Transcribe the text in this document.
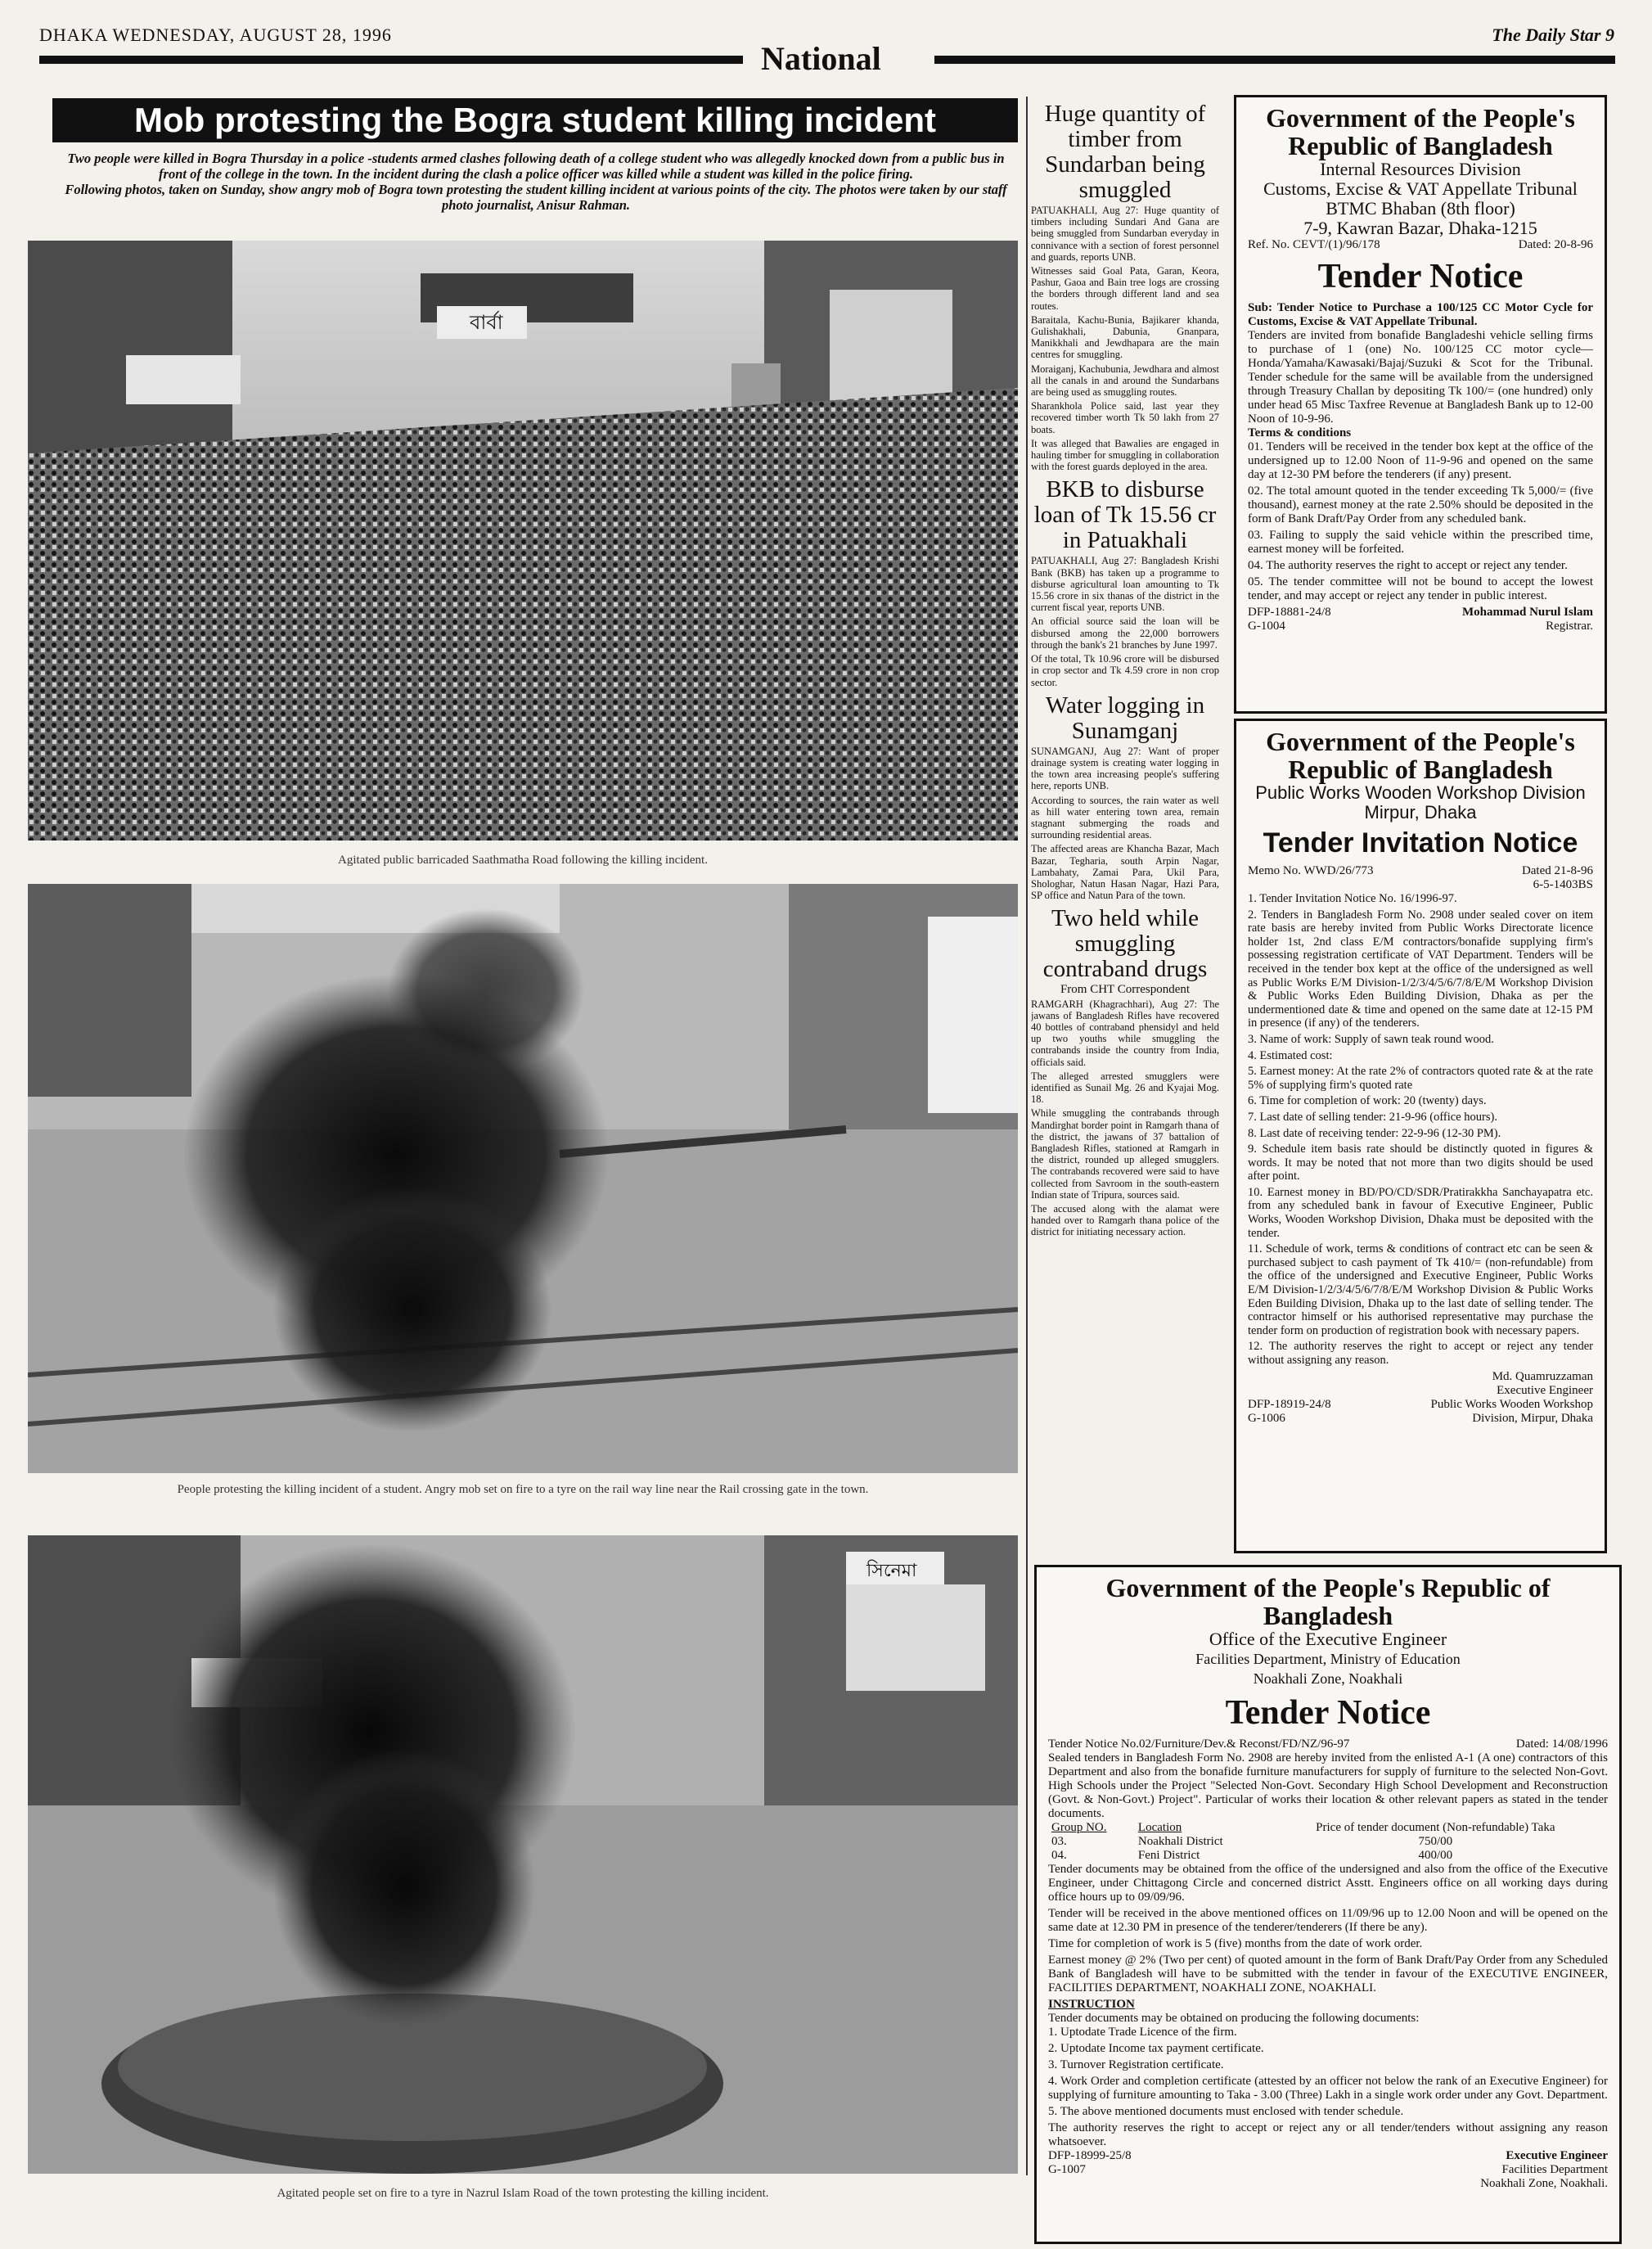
DHAKA WEDNESDAY, AUGUST 28, 1996
National
The Daily Star 9
Mob protesting the Bogra student killing incident
Two people were killed in Bogra Thursday in a police -students armed clashes following death of a college student who was allegedly knocked down from a public bus in front of the college in the town. In the incident during the clash a police officer was killed while a student was killed in the police firing.
Following photos, taken on Sunday, show angry mob of Bogra town protesting the student killing incident at various points of the city. The photos were taken by our staff photo journalist, Anisur Rahman.
বার্বা
Agitated public barricaded Saathmatha Road following the killing incident.
People protesting the killing incident of a student. Angry mob set on fire to a tyre on the rail way line near the Rail crossing gate in the town.
সিনেমা
Agitated people set on fire to a tyre in Nazrul Islam Road of the town protesting the killing incident.
Huge quantity of timber from Sundarban being smuggled

PATUAKHALI, Aug 27: Huge quantity of timbers including Sundari And Gana are being smuggled from Sundarban everyday in connivance with a section of forest personnel and guards, reports UNB.

Witnesses said Goal Pata, Garan, Keora, Pashur, Gaoa and Bain tree logs are crossing the borders through different land and sea routes.

Baraitala, Kachu-Bunia, Bajikarer khanda, Gulishakhali, Dabunia, Gnanpara, Manikkhali and Jewdhapara are the main centres for smuggling.

Moraiganj, Kachubunia, Jewdhara and almost all the canals in and around the Sundarbans are being used as smuggling routes.

Sharankhola Police said, last year they recovered timber worth Tk 50 lakh from 27 boats.

It was alleged that Bawalies are engaged in hauling timber for smuggling in collaboration with the forest guards deployed in the area.

BKB to disburse loan of Tk 15.56 cr in Patuakhali

PATUAKHALI, Aug 27: Bangladesh Krishi Bank (BKB) has taken up a programme to disburse agricultural loan amounting to Tk 15.56 crore in six thanas of the district in the current fiscal year, reports UNB.

An official source said the loan will be disbursed among the 22,000 borrowers through the bank's 21 branches by June 1997.

Of the total, Tk 10.96 crore will be disbursed in crop sector and Tk 4.59 crore in non crop sector.

Water logging in Sunamganj

SUNAMGANJ, Aug 27: Want of proper drainage system is creating water logging in the town area increasing people's suffering here, reports UNB.

According to sources, the rain water as well as hill water entering town area, remain stagnant submerging the roads and surrounding residential areas.

The affected areas are Khancha Bazar, Mach Bazar, Tegharia, south Arpin Nagar, Lambahaty, Zamai Para, Ukil Para, Shologhar, Natun Hasan Nagar, Hazi Para, SP office and Natun Para of the town.

Two held while smuggling contraband drugs

From CHT Correspondent

RAMGARH (Khagrachhari), Aug 27: The jawans of Bangladesh Rifles have recovered 40 bottles of contraband phensidyl and held up two youths while smuggling the contrabands inside the country from India, officials said.

The alleged arrested smugglers were identified as Sunail Mg. 26 and Kyajai Mog. 18.

While smuggling the contrabands through Mandirghat border point in Ramgarh thana of the district, the jawans of 37 battalion of Bangladesh Rifles, stationed at Ramgarh in the district, rounded up alleged smugglers. The contrabands recovered were said to have collected from Savroom in the south-eastern Indian state of Tripura, sources said.

The accused along with the alamat were handed over to Ramgarh thana police of the district for initiating necessary action.

Government of the People's Republic of Bangladesh
Internal Resources Division
Customs, Excise & VAT Appellate Tribunal
BTMC Bhaban (8th floor)
7-9, Kawran Bazar, Dhaka-1215
Ref. No. CEVT/(1)/96/178	Dated: 20-8-96
Tender Notice
Sub: Tender Notice to Purchase a 100/125 CC Motor Cycle for Customs, Excise & VAT Appellate Tribunal.
Tenders are invited from bonafide Bangladeshi vehicle selling firms to purchase of 1 (one) No. 100/125 CC motor cycle—Honda/Yamaha/Kawasaki/Bajaj/Suzuki & Scot for the Tribunal. Tender schedule for the same will be available from the undersigned through Treasury Challan by depositing Tk 100/= (one hundred) only under head 65 Misc Taxfree Revenue at Bangladesh Bank up to 12-00 Noon of 10-9-96.
Terms & conditions

01. Tenders will be received in the tender box kept at the office of the undersigned up to 12.00 Noon of 11-9-96 and opened on the same day at 12-30 PM before the tenderers (if any) present.

02. The total amount quoted in the tender exceeding Tk 5,000/= (five thousand), earnest money at the rate 2.50% should be deposited in the form of Bank Draft/Pay Order from any scheduled bank.

03. Failing to supply the said vehicle within the prescribed time, earnest money will be forfeited.

04. The authority reserves the right to accept or reject any tender.

05. The tender committee will not be bound to accept the lowest tender, and may accept or reject any tender in public interest.

DFP-18881-24/8	Mohammad Nurul Islam
G-1004	Registrar.
Government of the People's Republic of Bangladesh
Public Works Wooden Workshop Division
Mirpur, Dhaka
Tender Invitation Notice
Memo No. WWD/26/773	Dated 21-8-96
6-5-1403BS

1. Tender Invitation Notice No. 16/1996-97.

2. Tenders in Bangladesh Form No. 2908 under sealed cover on item rate basis are hereby invited from Public Works Directorate licence holder 1st, 2nd class E/M contractors/bonafide supplying firm's possessing registration certificate of VAT Department. Tenders will be received in the tender box kept at the office of the undersigned as well as Public Works E/M Division-1/2/3/4/5/6/7/8/E/M Workshop Division & Public Works Eden Building Division, Dhaka as per the undermentioned date & time and opened on the same date at 12-15 PM in presence (if any) of the tenderers.

3. Name of work: Supply of sawn teak round wood.

4. Estimated cost:

5. Earnest money: At the rate 2% of contractors quoted rate & at the rate 5% of supplying firm's quoted rate

6. Time for completion of work: 20 (twenty) days.

7. Last date of selling tender: 21-9-96 (office hours).

8. Last date of receiving tender: 22-9-96 (12-30 PM).

9. Schedule item basis rate should be distinctly quoted in figures & words. It may be noted that not more than two digits should be used after point.

10. Earnest money in BD/PO/CD/SDR/Pratirakkha Sanchayapatra etc. from any scheduled bank in favour of Executive Engineer, Public Works, Wooden Workshop Division, Dhaka must be deposited with the tender.

11. Schedule of work, terms & conditions of contract etc can be seen & purchased subject to cash payment of Tk 410/= (non-refundable) from the office of the undersigned and Executive Engineer, Public Works E/M Division-1/2/3/4/5/6/7/8/E/M Workshop Division & Public Works Eden Building Division, Dhaka up to the last date of selling tender. The contractor himself or his authorised representative may purchase the tender form on production of registration book with necessary papers.

12. The authority reserves the right to accept or reject any tender without assigning any reason.

Md. Quamruzzaman
Executive Engineer
DFP-18919-24/8	Public Works Wooden Workshop
G-1006	Division, Mirpur, Dhaka
Government of the People's Republic of Bangladesh
Office of the Executive Engineer
Facilities Department, Ministry of Education
Noakhali Zone, Noakhali
Tender Notice
Tender Notice No.02/Furniture/Dev.& Reconst/FD/NZ/96-97	Dated: 14/08/1996
Sealed tenders in Bangladesh Form No. 2908 are hereby invited from the enlisted A-1 (A one) contractors of this Department and also from the bonafide furniture manufacturers for supply of furniture to the selected Non-Govt. High Schools under the Project "Selected Non-Govt. Secondary High School Development and Reconstruction (Govt. & Non-Govt.) Project". Particular of works their location & other relevant papers as stated in the tender documents.
Group NO.	Location	Price of tender document (Non-refundable) Taka
03.	Noakhali District	750/00
04.	Feni District	400/00

Tender documents may be obtained from the office of the undersigned and also from the office of the Executive Engineer, under Chittagong Circle and concerned district Asstt. Engineers office on all working days during office hours up to 09/09/96.

Tender will be received in the above mentioned offices on 11/09/96 up to 12.00 Noon and will be opened on the same date at 12.30 PM in presence of the tenderer/tenderers (If there be any).

Time for completion of work is 5 (five) months from the date of work order.

Earnest money @ 2% (Two per cent) of quoted amount in the form of Bank Draft/Pay Order from any Scheduled Bank of Bangladesh will have to be submitted with the tender in favour of the EXECUTIVE ENGINEER, FACILITIES DEPARTMENT, NOAKHALI ZONE, NOAKHALI.

INSTRUCTION
Tender documents may be obtained on producing the following documents:

1. Uptodate Trade Licence of the firm.

2. Uptodate Income tax payment certificate.

3. Turnover Registration certificate.

4. Work Order and completion certificate (attested by an officer not below the rank of an Executive Engineer) for supplying of furniture amounting to Taka - 3.00 (Three) Lakh in a single work order under any Govt. Department.

5. The above mentioned documents must enclosed with tender schedule.

The authority reserves the right to accept or reject any or all tender/tenders without assigning any reason whatsoever.
DFP-18999-25/8	Executive Engineer
G-1007	Facilities Department
Noakhali Zone, Noakhali.
